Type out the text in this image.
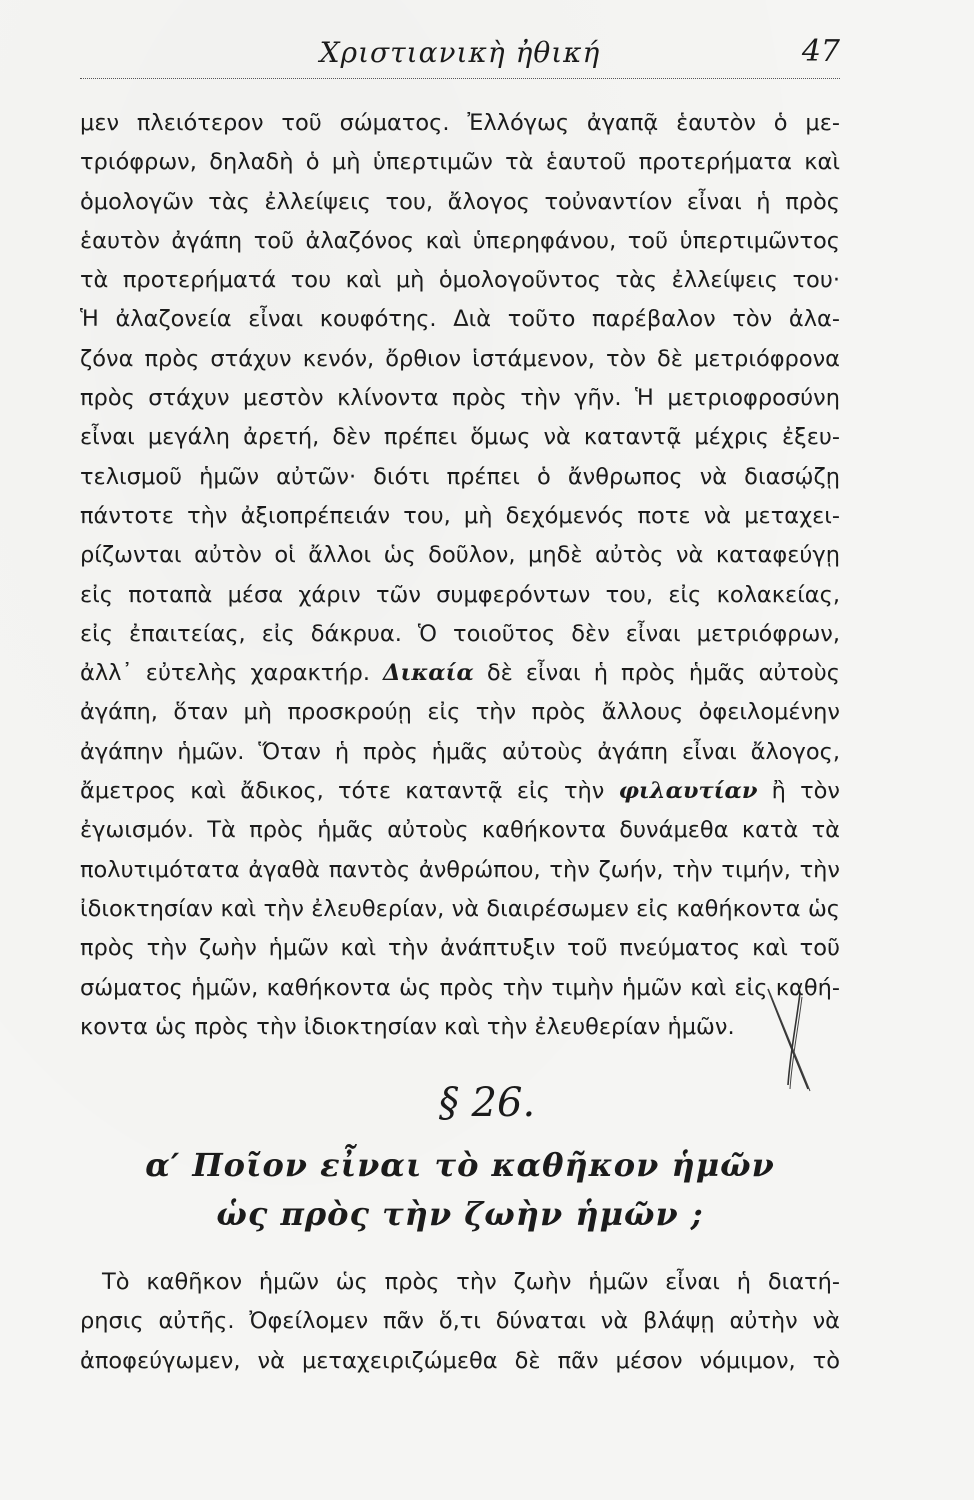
Χριστιανικὴ ἠθική	47
μεν πλειότερον τοῦ σώματος. Ἐλλόγως ἀγαπᾷ ἑαυτὸν ὁ με-
τριόφρων, δηλαδὴ ὁ μὴ ὑπερτιμῶν τὰ ἑαυτοῦ προτερήματα καὶ
ὁμολογῶν τὰς ἐλλείψεις του, ἄλογος τοὐναντίον εἶναι ἡ πρὸς
ἑαυτὸν ἀγάπη τοῦ ἀλαζόνος καὶ ὑπερηφάνου, τοῦ ὑπερτιμῶντος
τὰ προτερήματά του καὶ μὴ ὁμολογοῦντος τὰς ἐλλείψεις του·
Ἡ ἀλαζονεία εἶναι κουφότης. Διὰ τοῦτο παρέβαλον τὸν ἀλα-
ζόνα πρὸς στάχυν κενόν, ὄρθιον ἱστάμενον, τὸν δὲ μετριόφρονα
πρὸς στάχυν μεστὸν κλίνοντα πρὸς τὴν γῆν. Ἡ μετριοφροσύνη
εἶναι μεγάλη ἀρετή, δὲν πρέπει ὅμως νὰ καταντᾷ μέχρις ἐξευ-
τελισμοῦ ἡμῶν αὐτῶν· διότι πρέπει ὁ ἄνθρωπος νὰ διασῴζῃ
πάντοτε τὴν ἀξιοπρέπειάν του, μὴ δεχόμενός ποτε νὰ μεταχει-
ρίζωνται αὐτὸν οἱ ἄλλοι ὡς δοῦλον, μηδὲ αὐτὸς νὰ καταφεύγῃ
εἰς ποταπὰ μέσα χάριν τῶν συμφερόντων του, εἰς κολακείας,
εἰς ἐπαιτείας, εἰς δάκρυα. Ὁ τοιοῦτος δὲν εἶναι μετριόφρων,
ἀλλ᾽ εὐτελὴς χαρακτήρ. Δικαία δὲ εἶναι ἡ πρὸς ἡμᾶς αὐτοὺς
ἀγάπη, ὅταν μὴ προσκρούῃ εἰς τὴν πρὸς ἄλλους ὀφειλομένην
ἀγάπην ἡμῶν. Ὅταν ἡ πρὸς ἡμᾶς αὐτοὺς ἀγάπη εἶναι ἄλογος,
ἄμετρος καὶ ἄδικος, τότε καταντᾷ εἰς τὴν φιλαυτίαν ἢ τὸν
ἐγωισμόν. Τὰ πρὸς ἡμᾶς αὐτοὺς καθήκοντα δυνάμεθα κατὰ τὰ
πολυτιμότατα ἀγαθὰ παντὸς ἀνθρώπου, τὴν ζωήν, τὴν τιμήν, τὴν
ἰδιοκτησίαν καὶ τὴν ἐλευθερίαν, νὰ διαιρέσωμεν εἰς καθήκοντα ὡς
πρὸς τὴν ζωὴν ἡμῶν καὶ τὴν ἀνάπτυξιν τοῦ πνεύματος καὶ τοῦ
σώματος ἡμῶν, καθήκοντα ὡς πρὸς τὴν τιμὴν ἡμῶν καὶ εἰς καθή-
κοντα ὡς πρὸς τὴν ἰδιοκτησίαν καὶ τὴν ἐλευθερίαν ἡμῶν.
§ 26.
α′ Ποῖον εἶναι τὸ καθῆκον ἡμῶν
ὡς πρὸς τὴν ζωὴν ἡμῶν ;
Τὸ καθῆκον ἡμῶν ὡς πρὸς τὴν ζωὴν ἡμῶν εἶναι ἡ διατή-
ρησις αὐτῆς. Ὀφείλομεν πᾶν ὅ,τι δύναται νὰ βλάψῃ αὐτὴν νὰ
ἀποφεύγωμεν, νὰ μεταχειριζώμεθα δὲ πᾶν μέσον νόμιμον, τὸ
